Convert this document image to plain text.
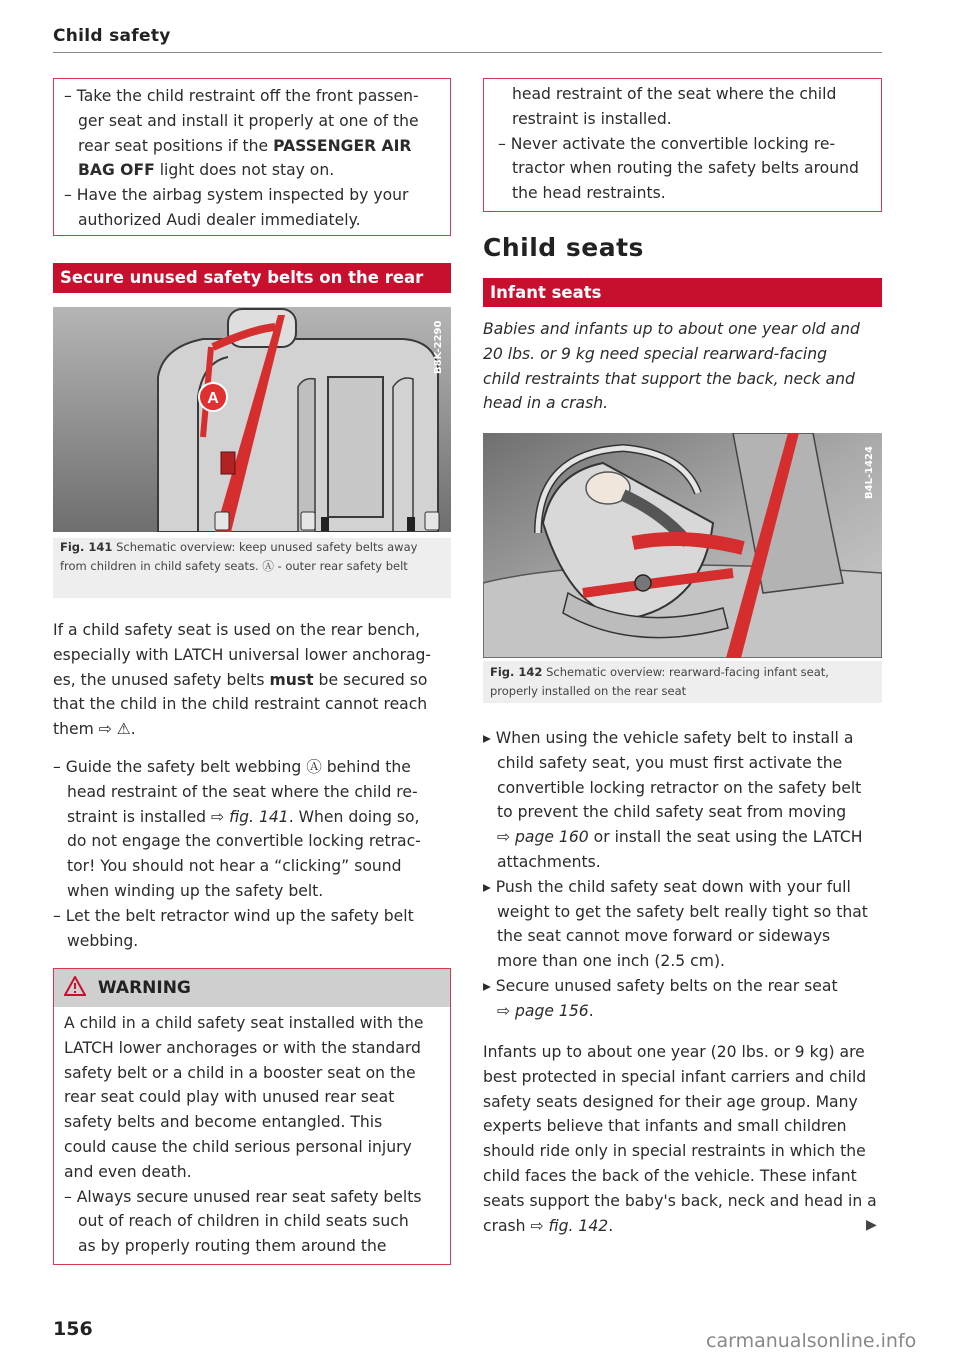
Child safety

– Take the child restraint off the front passen-

ger seat and install it properly at one of the

rear seat positions if the PASSENGER AIR

BAG OFF light does not stay on.

– Have the airbag system inspected by your

authorized Audi dealer immediately.

Secure unused safety belts on the rear
A
B8K-2290
Fig. 141 Schematic overview: keep unused safety belts away from children in child safety seats. Ⓐ - outer rear safety belt

If a child safety seat is used on the rear bench,

especially with LATCH universal lower anchorag-

es, the unused safety belts must be secured so

that the child in the child restraint cannot reach

them ⇨ ⚠.

– Guide the safety belt webbing Ⓐ behind the

head restraint of the seat where the child re-

straint is installed ⇨ fig. 141. When doing so,

do not engage the convertible locking retrac-

tor! You should not hear a “clicking” sound

when winding up the safety belt.

– Let the belt retractor wind up the safety belt

webbing.

WARNING

A child in a child safety seat installed with the

LATCH lower anchorages or with the standard

safety belt or a child in a booster seat on the

rear seat could play with unused rear seat

safety belts and become entangled. This

could cause the child serious personal injury

and even death.

– Always secure unused rear seat safety belts

out of reach of children in child seats such

as by properly routing them around the

156

head restraint of the seat where the child

restraint is installed.

– Never activate the convertible locking re-

tractor when routing the safety belts around

the head restraints.

Child seats
Infant seats

Babies and infants up to about one year old and

20 lbs. or 9 kg need special rearward-facing

child restraints that support the back, neck and

head in a crash.

B4L-1424
Fig. 142 Schematic overview: rearward-facing infant seat, properly installed on the rear seat

▸ When using the vehicle safety belt to install a

child safety seat, you must first activate the

convertible locking retractor on the safety belt

to prevent the child safety seat from moving

⇨ page 160 or install the seat using the LATCH

attachments.

▸ Push the child safety seat down with your full

weight to get the safety belt really tight so that

the seat cannot move forward or sideways

more than one inch (2.5 cm).

▸ Secure unused safety belts on the rear seat

⇨ page 156.

Infants up to about one year (20 lbs. or 9 kg) are

best protected in special infant carriers and child

safety seats designed for their age group. Many

experts believe that infants and small children

should ride only in special restraints in which the

child faces the back of the vehicle. These infant

seats support the baby's back, neck and head in a

crash ⇨ fig. 142.	▶
carmanualsonline.info
